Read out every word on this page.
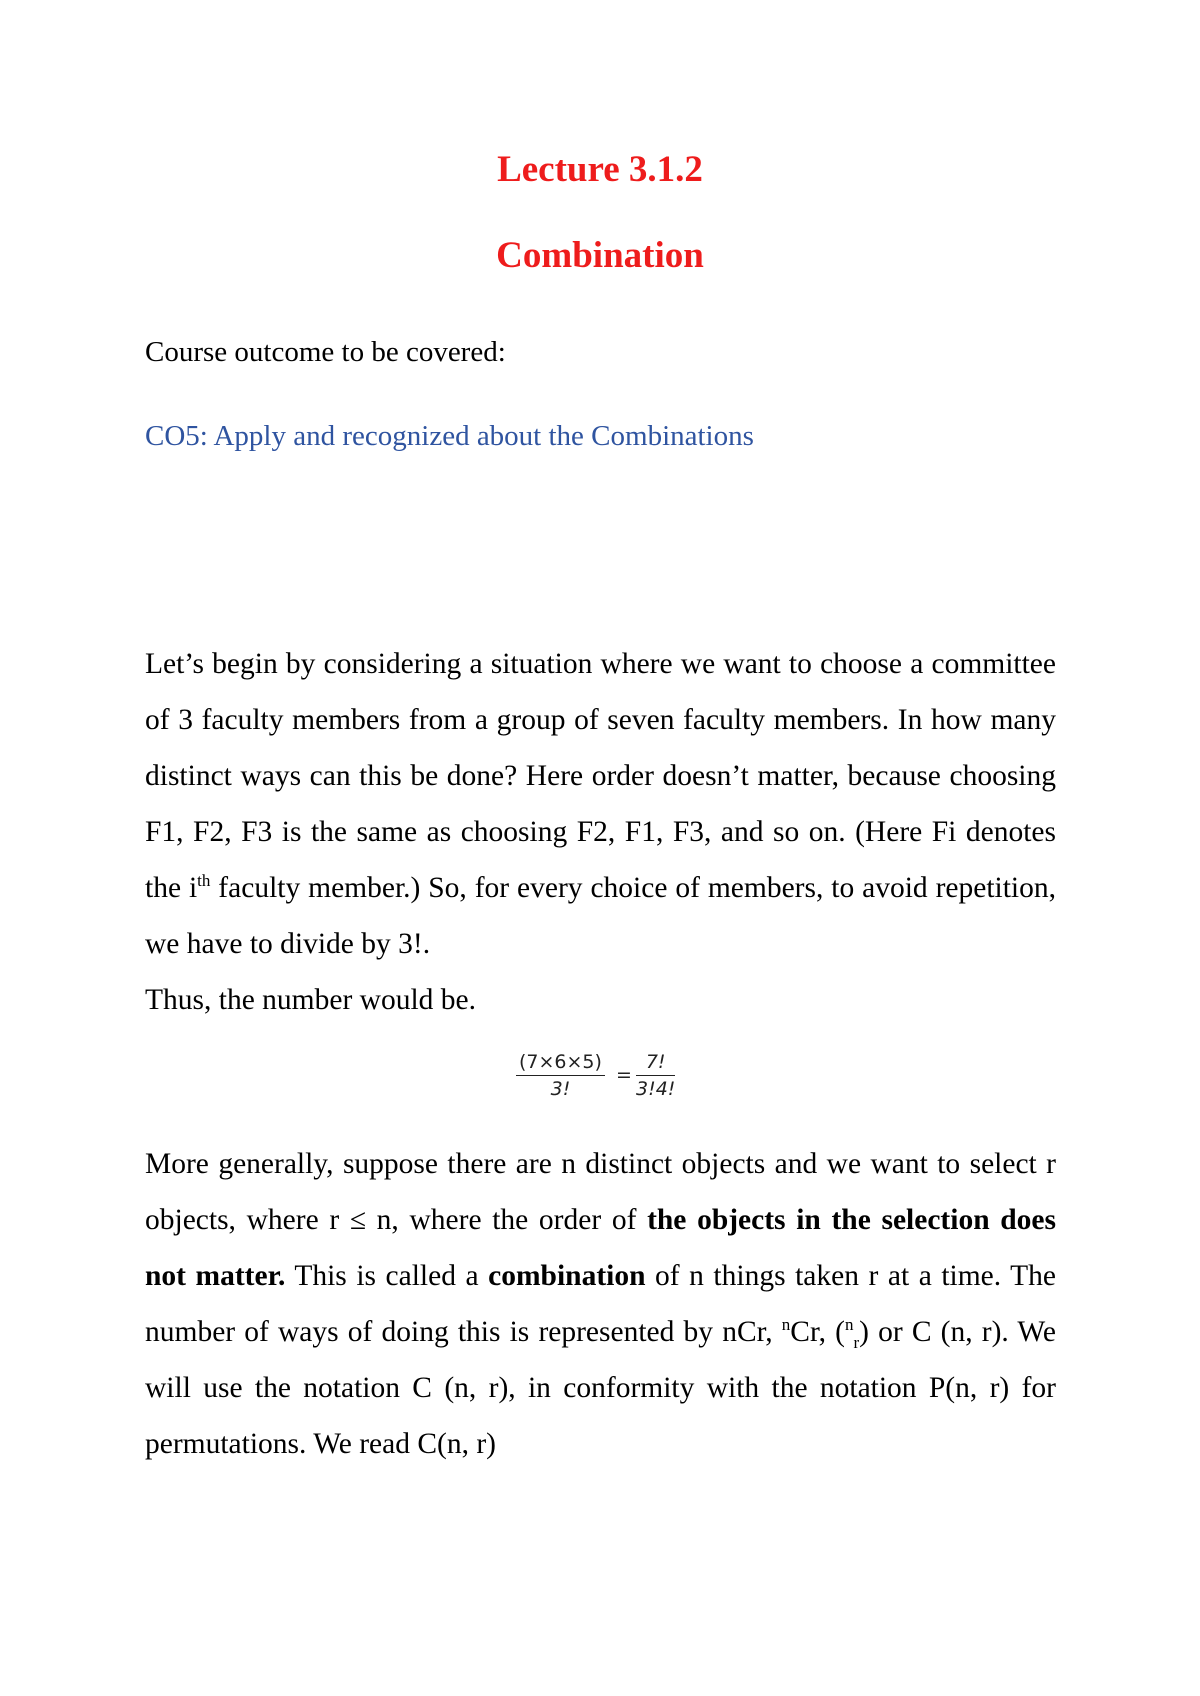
Lecture 3.1.2
Combination
Course outcome to be covered:
CO5: Apply and recognized about the Combinations
Let’s begin by considering a situation where we want to choose a committee of 3 faculty members from a group of seven faculty members. In how many distinct ways can this be done? Here order doesn’t matter, because choosing F1, F2, F3 is the same as choosing F2, F1, F3, and so on. (Here Fi denotes the $i^{th}$ faculty member.) So, for every choice of members, to avoid repetition, we have to divide by 3!.
Thus, the number would be.
$\frac{(7\times 6\times 5)}{3!} = \frac{7!}{3!4!}$
More generally, suppose there are n distinct objects and we want to select r objects, where r ≤ n, where the order of the objects in the selection does not matter. This is called a combination of n things taken r at a time. The number of ways of doing this is represented by nCr, $^n$Cr, ($^n_r$) or C (n, r). We will use the notation C (n, r), in conformity with the notation P(n, r) for permutations. We read C(n, r)
